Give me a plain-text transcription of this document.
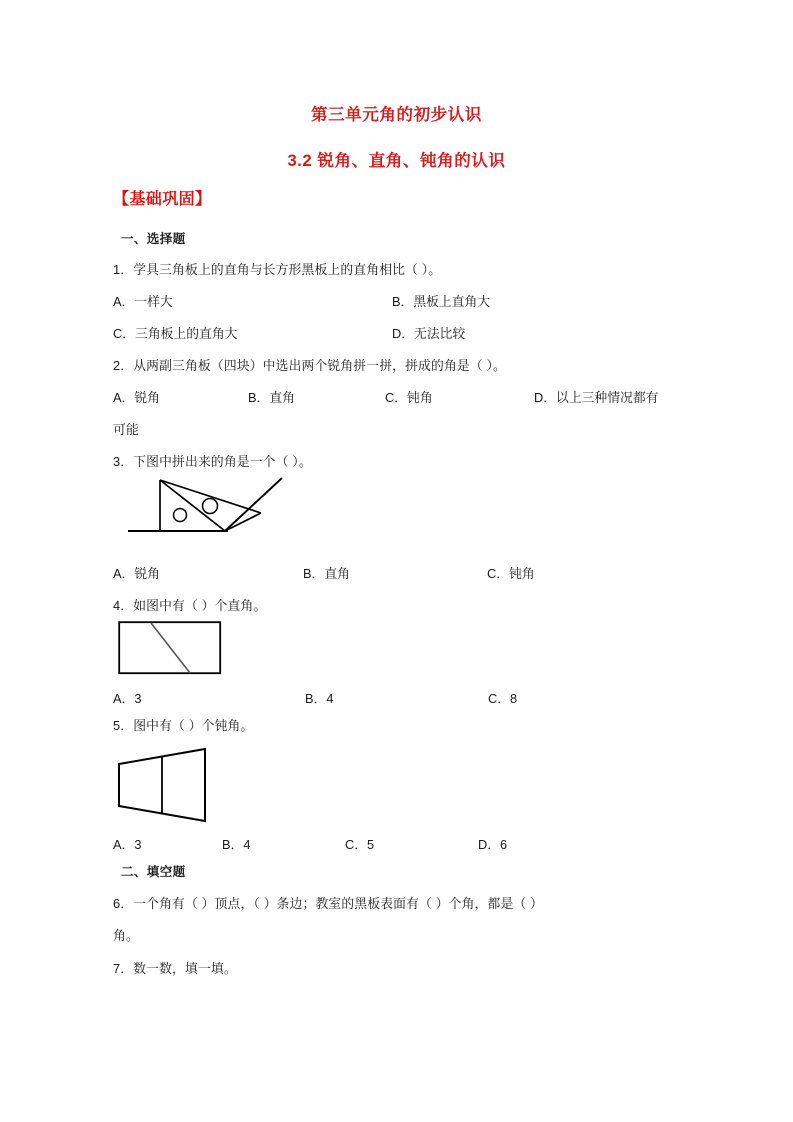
第三单元角的初步认识
3.2 锐角、直角、钝角的认识
【基础巩固】
一、选择题
1．学具三角板上的直角与长方形黑板上的直角相比（ ）。
A．一样大	B．黑板上直角大
C．三角板上的直角大	D．无法比较
2．从两副三角板（四块）中选出两个锐角拼一拼，拼成的角是（ ）。
A．锐角	B．直角	C．钝角	D．以上三种情况都有
可能
3．下图中拼出来的角是一个（ ）。
A．锐角	B．直角	C．钝角
4．如图中有（ ）个直角。
A．3	B．4	C．8
5．图中有（ ）个钝角。
A．3	B．4	C．5	D．6
二、填空题
6．一个角有（ ）顶点，（ ）条边；教室的黑板表面有（ ）个角，都是（ ）
角。
7．数一数，填一填。
